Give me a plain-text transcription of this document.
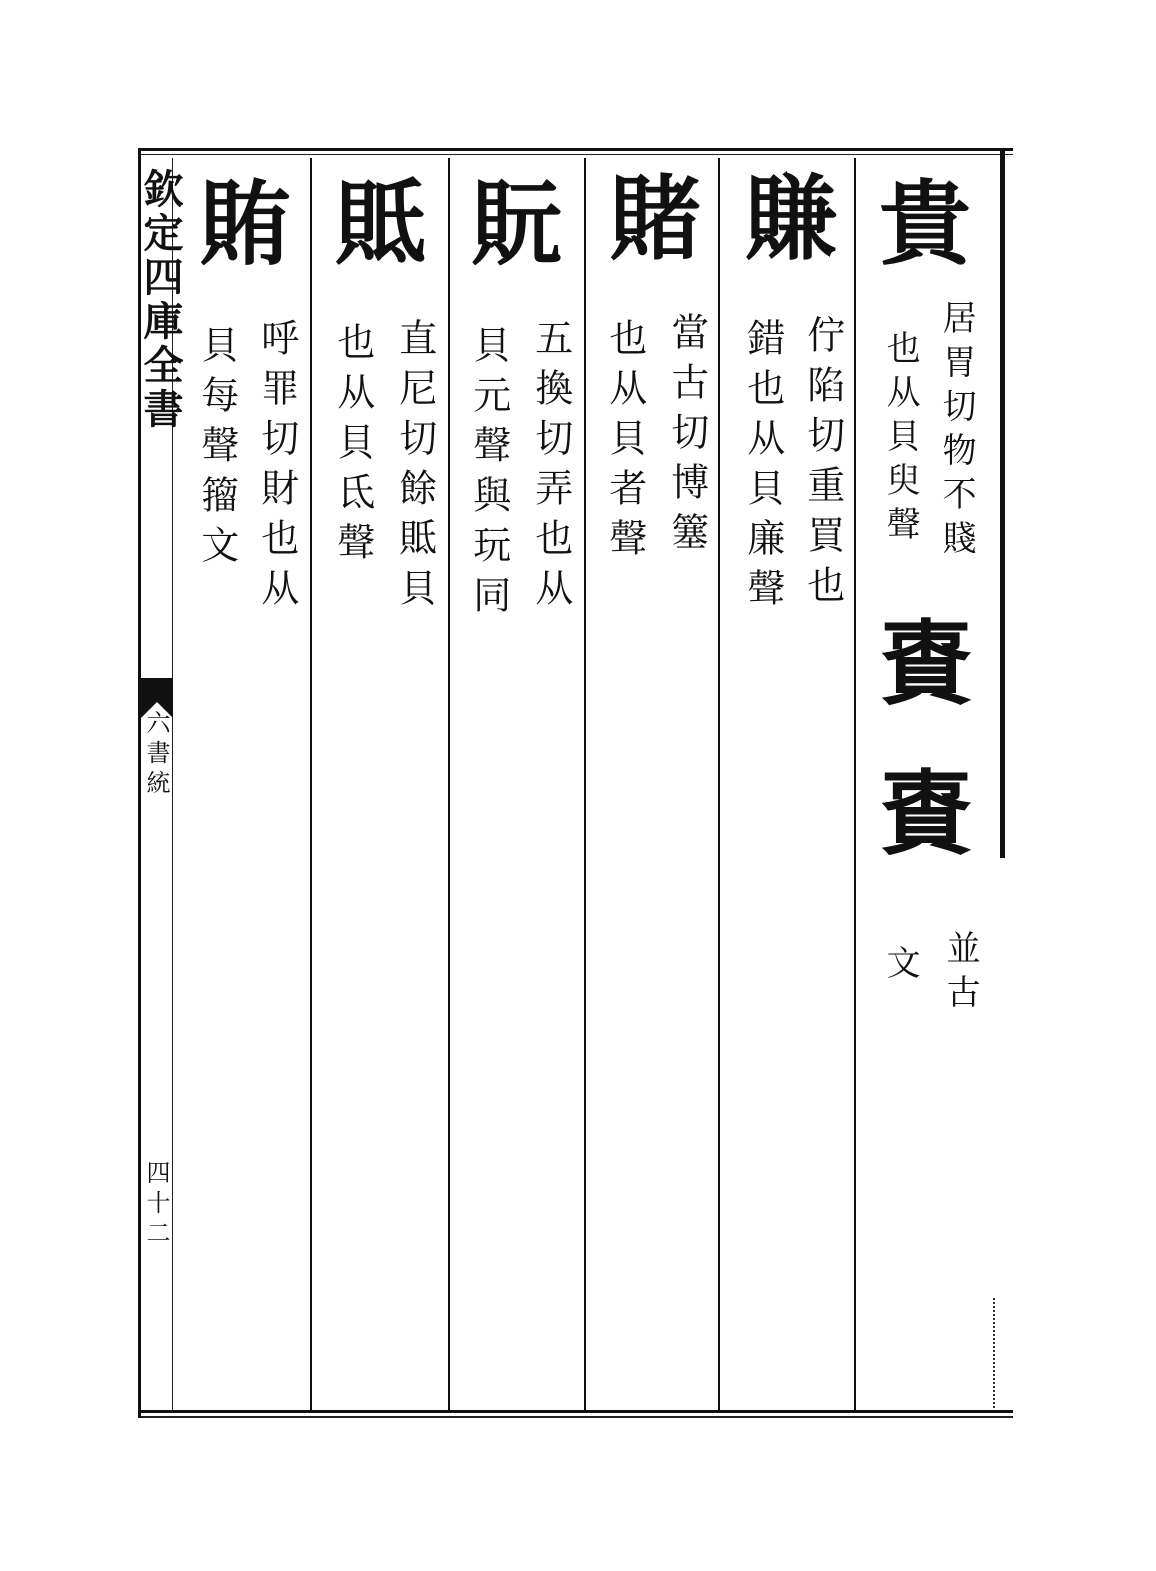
欽定四庫全書
六書統
四十二
貴
居胃切物不賤
也从貝臾聲
𧵩
𧵩
並古
文
賺
佇陷切重買也
錯也从貝廉聲
賭
當古切博簺
也从貝者聲
貦
五換切弄也从
貝元聲與玩同
貾
直尼切餘貾貝
也从貝氐聲
賄
呼罪切財也从
貝每聲籀文
